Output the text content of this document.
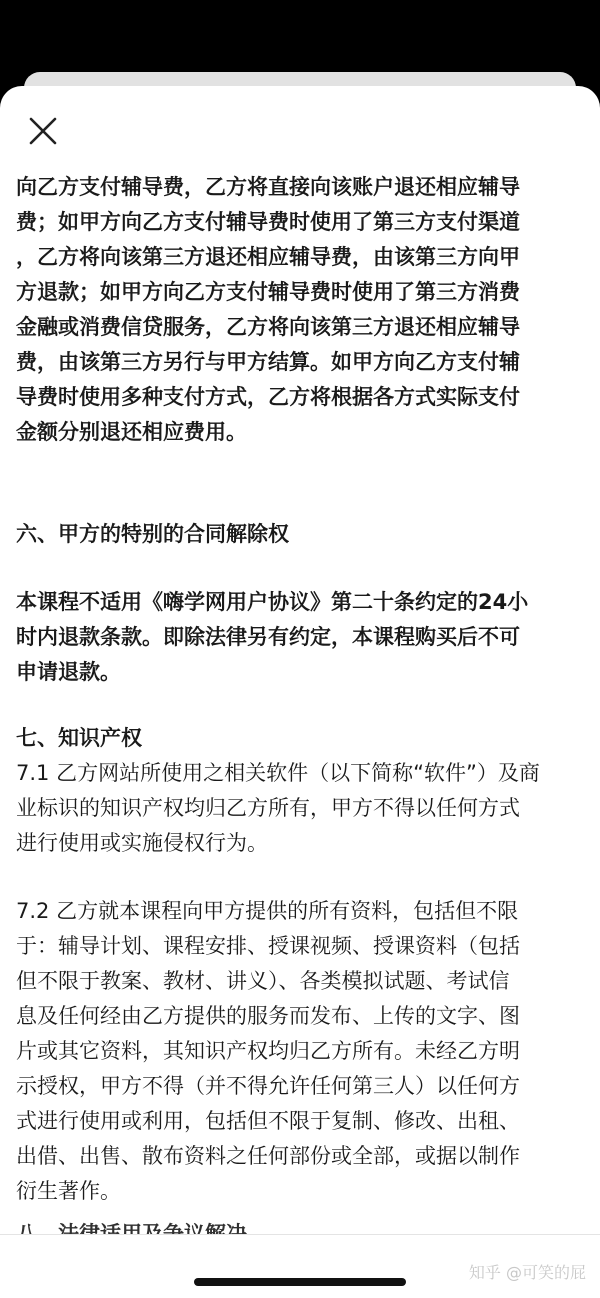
向乙方支付辅导费，乙方将直接向该账户退还相应辅导
费；如甲方向乙方支付辅导费时使用了第三方支付渠道
，乙方将向该第三方退还相应辅导费，由该第三方向甲
方退款；如甲方向乙方支付辅导费时使用了第三方消费
金融或消费信贷服务，乙方将向该第三方退还相应辅导
费，由该第三方另行与甲方结算。如甲方向乙方支付辅
导费时使用多种支付方式，乙方将根据各方式实际支付
金额分别退还相应费用。

六、甲方的特别的合同解除权

本课程不适用《嗨学网用户协议》第二十条约定的24小
时内退款条款。即除法律另有约定，本课程购买后不可
申请退款。

七、知识产权

7.1 乙方网站所使用之相关软件（以下简称“软件”）及商
业标识的知识产权均归乙方所有，甲方不得以任何方式
进行使用或实施侵权行为。

7.2 乙方就本课程向甲方提供的所有资料，包括但不限
于：辅导计划、课程安排、授课视频、授课资料（包括
但不限于教案、教材、讲义）、各类模拟试题、考试信
息及任何经由乙方提供的服务而发布、上传的文字、图
片或其它资料，其知识产权均归乙方所有。未经乙方明
示授权，甲方不得（并不得允许任何第三人）以任何方
式进行使用或利用，包括但不限于复制、修改、出租、
出借、出售、散布资料之任何部份或全部，或据以制作
衍生著作。

知乎 @可笑的屁
